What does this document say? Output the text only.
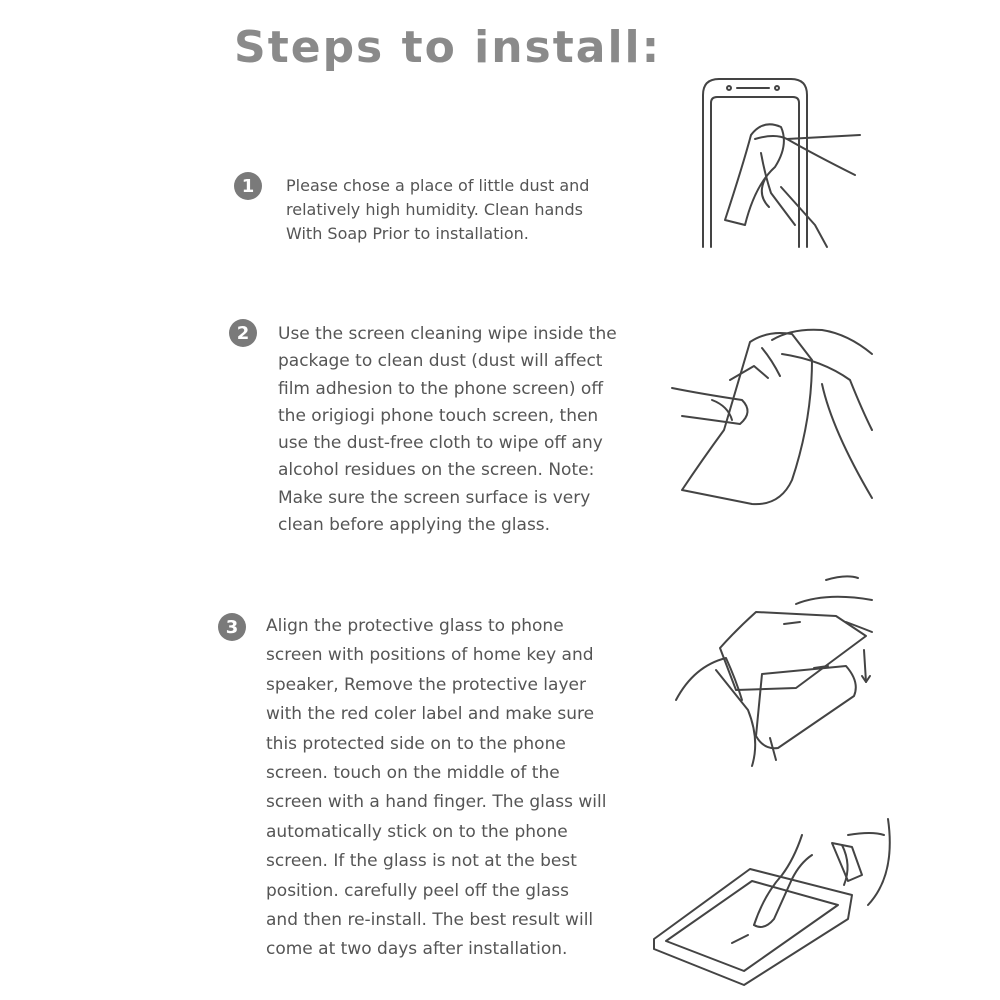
Steps to install:
1	Please chose a place of little dust and
relatively high humidity. Clean hands
With Soap Prior to installation.

2	Use the screen cleaning wipe inside the
package to clean dust (dust will affect
film adhesion to the phone screen) off
the origiogi phone touch screen, then
use the dust-free cloth to wipe off any
alcohol residues on the screen. Note:
Make sure the screen surface is very
clean before applying the glass.

3	Align the protective glass to phone
screen with positions of home key and
speaker, Remove the protective layer
with the red coler label and make sure
this protected side on to the phone
screen. touch on the middle of the
screen with a hand finger. The glass will
automatically stick on to the phone
screen. If the glass is not at the best
position. carefully peel off the glass
and then re-install. The best result will
come at two days after installation.
